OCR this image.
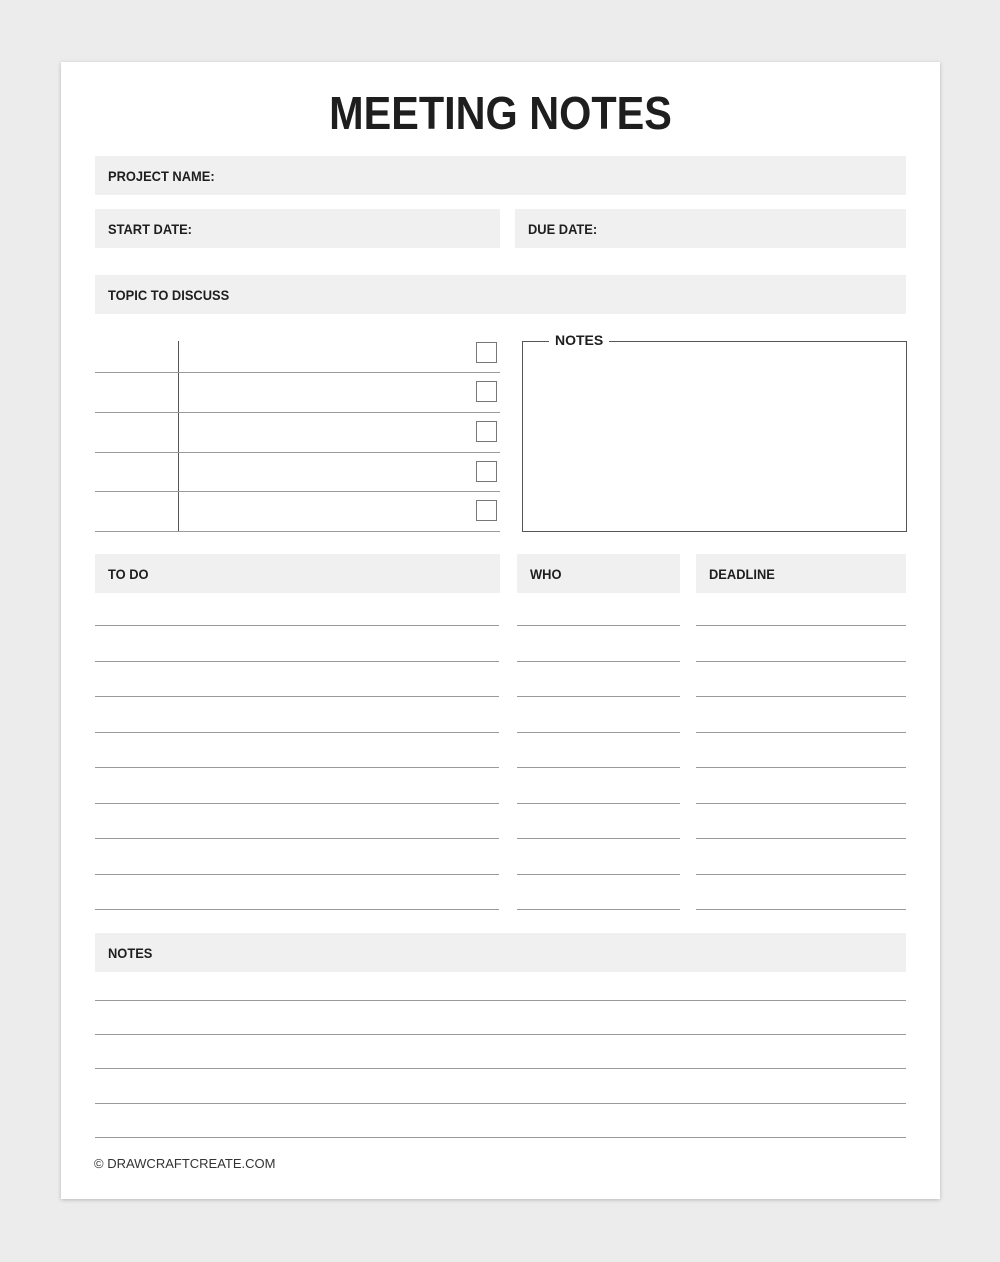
MEETING NOTES
PROJECT NAME:
START DATE:	DUE DATE:
TOPIC TO DISCUSS
NOTES
TO DO	WHO	DEADLINE
NOTES
© DRAWCRAFTCREATE.COM
